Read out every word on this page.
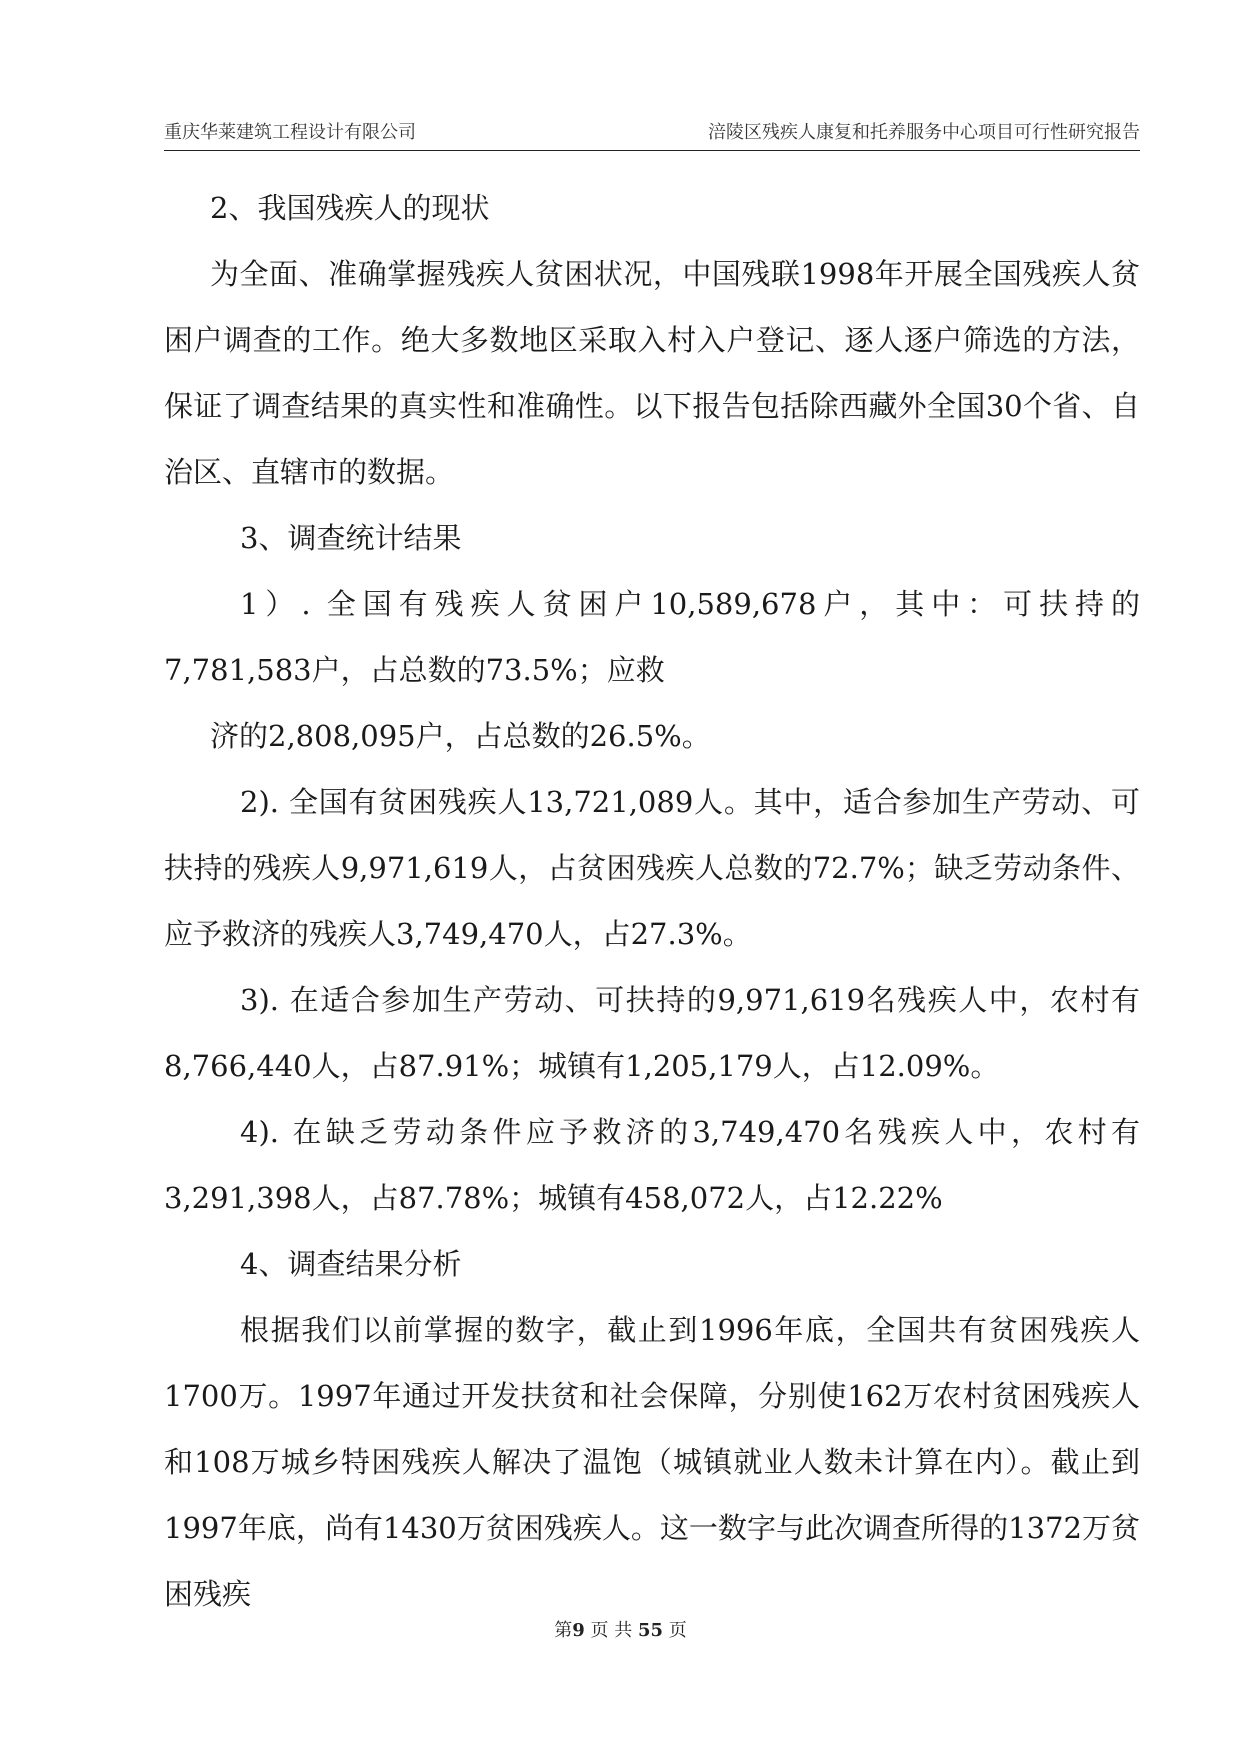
重庆华莱建筑工程设计有限公司	涪陵区残疾人康复和托养服务中心项目可行性研究报告

2、我国残疾人的现状

为全面、准确掌握残疾人贫困状况，中国残联1998年开展全国残疾人贫困户调查的工作。绝大多数地区采取入村入户登记、逐人逐户筛选的方法，保证了调查结果的真实性和准确性。以下报告包括除西藏外全国30个省、自治区、直辖市的数据。

3、调查统计结果

1）. 全国有残疾人贫困户10,589,678户，其中：可扶持的7,781,583户，占总数的73.5%；应救

济的2,808,095户，占总数的26.5%。

2). 全国有贫困残疾人13,721,089人。其中，适合参加生产劳动、可扶持的残疾人9,971,619人，占贫困残疾人总数的72.7%；缺乏劳动条件、应予救济的残疾人3,749,470人，占27.3%。

3). 在适合参加生产劳动、可扶持的9,971,619名残疾人中，农村有8,766,440人，占87.91%；城镇有1,205,179人，占12.09%。

4). 在缺乏劳动条件应予救济的3,749,470名残疾人中，农村有3,291,398人，占87.78%；城镇有458,072人，占12.22%

4、调查结果分析

根据我们以前掌握的数字，截止到1996年底，全国共有贫困残疾人1700万。1997年通过开发扶贫和社会保障，分别使162万农村贫困残疾人和108万城乡特困残疾人解决了温饱（城镇就业人数未计算在内）。截止到1997年底，尚有1430万贫困残疾人。这一数字与此次调查所得的1372万贫困残疾

第9 页 共 55 页
